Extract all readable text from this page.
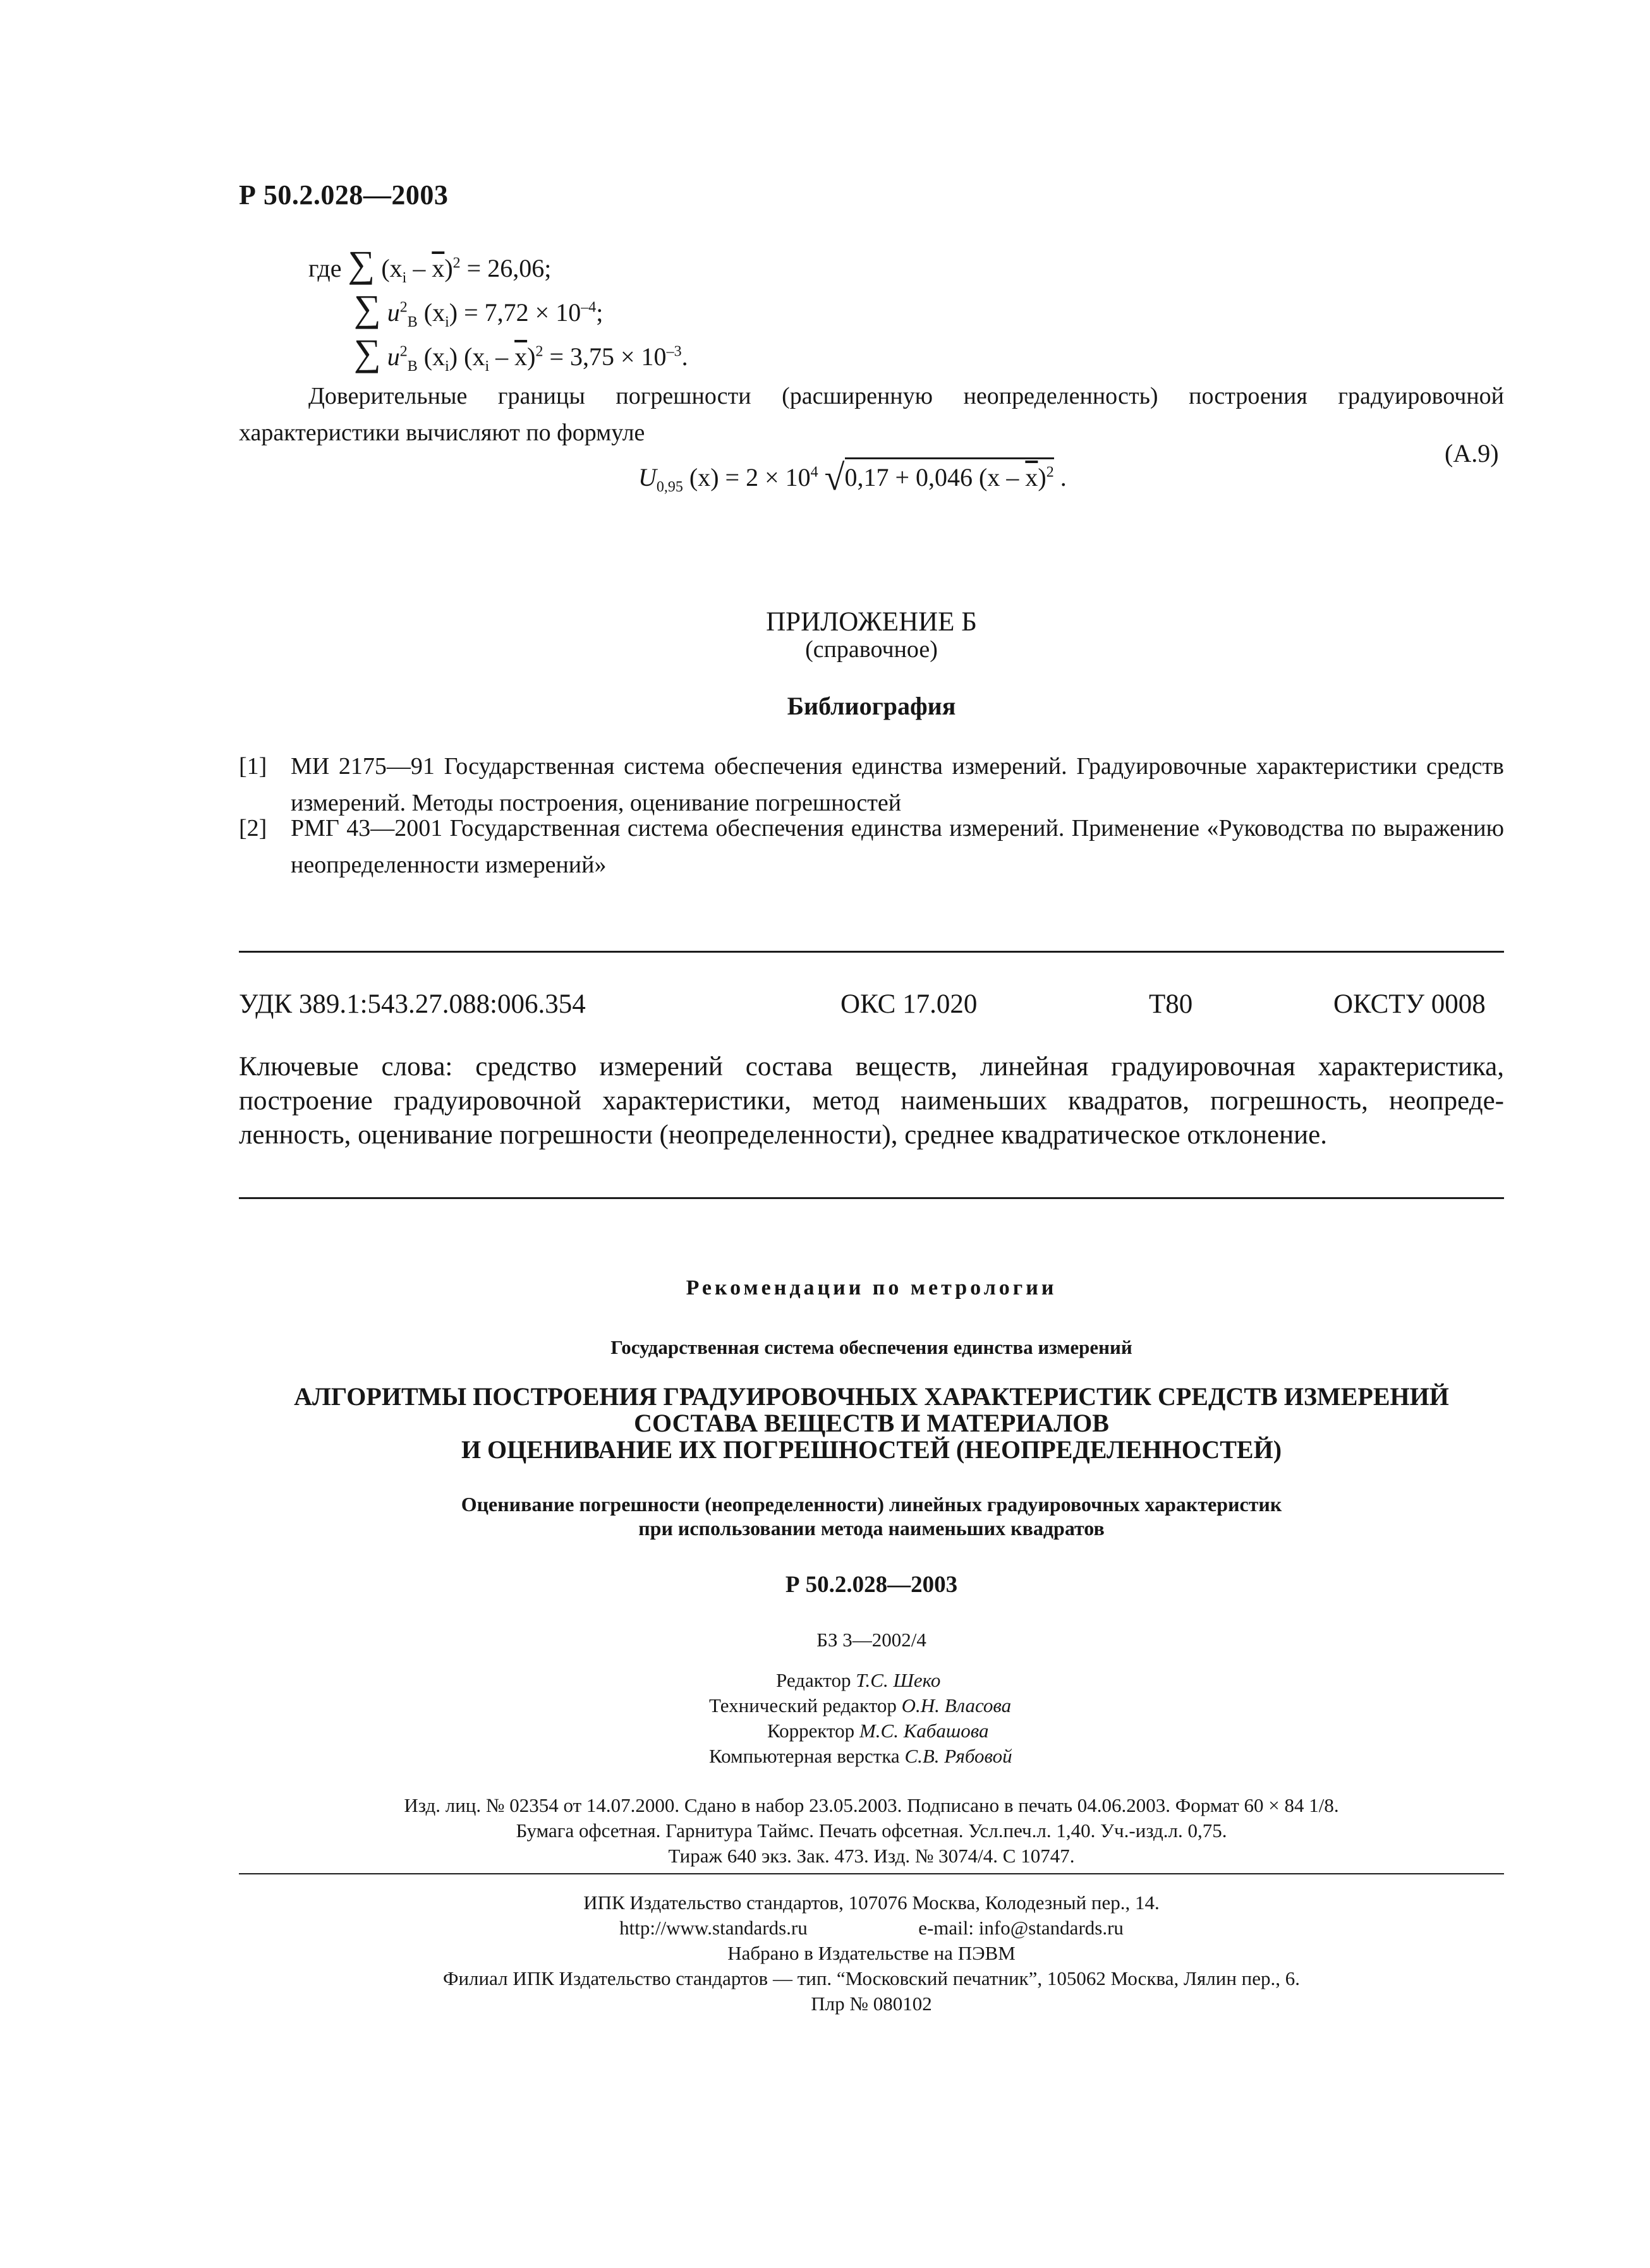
Р 50.2.028—2003
где ∑ $(x_i - \overline{x})^2 = 26,06$;
∑ $u^2_В$ $(x_i) = 7,72 \times 10^{-4}$;
∑ $u^2_В$ $(x_i)$ $(x_i - \overline{x})^2 = 3,75 \times 10^{-3}$.
Доверительные границы погрешности (расширенную неопределенность) построения градуировочной характеристики вычисляют по формуле
$U_{0,95}$ $(x) = 2 \times 10^4$ √0,17 + 0,046 $(x - \overline{x})^2$ .
(А.9)
ПРИЛОЖЕНИЕ Б
(справочное)
Библиография
[1] МИ 2175—91 Государственная система обеспечения единства измерений. Градуировочные характеристики средств измерений. Методы построения, оценивание погрешностей
[2] РМГ 43—2001 Государственная система обеспечения единства измерений. Применение «Руководства по выражению неопределенности измерений»
УДК 389.1:543.27.088:006.354	ОКС 17.020	Т80	ОКСТУ 0008
Ключевые слова: средство измерений состава веществ, линейная градуировочная характеристика, построение градуировочной характеристики, метод наименьших квадратов, погрешность, неопределенность, оценивание погрешности (неопределенности), среднее квадратическое отклонение.
Рекомендации по метрологии
Государственная система обеспечения единства измерений
АЛГОРИТМЫ ПОСТРОЕНИЯ ГРАДУИРОВОЧНЫХ ХАРАКТЕРИСТИК СРЕДСТВ ИЗМЕРЕНИЙ
СОСТАВА ВЕЩЕСТВ И МАТЕРИАЛОВ
И ОЦЕНИВАНИЕ ИХ ПОГРЕШНОСТЕЙ (НЕОПРЕДЕЛЕННОСТЕЙ)
Оценивание погрешности (неопределенности) линейных градуировочных характеристик
при использовании метода наименьших квадратов
Р 50.2.028—2003
БЗ 3—2002/4
Редактор Т.С. Шеко
Технический редактор О.Н. Власова
Корректор М.С. Кабашова
Компьютерная верстка С.В. Рябовой
Изд. лиц. № 02354 от 14.07.2000. Сдано в набор 23.05.2003. Подписано в печать 04.06.2003. Формат 60 × 84 1/8.
Бумага офсетная. Гарнитура Таймс. Печать офсетная. Усл.печ.л. 1,40. Уч.-изд.л. 0,75.
Тираж 640 экз. Зак. 473. Изд. № 3074/4. С 10747.
ИПК Издательство стандартов, 107076 Москва, Колодезный пер., 14.
http://www.standards.ru	e-mail: info@standards.ru
Набрано в Издательстве на ПЭВМ
Филиал ИПК Издательство стандартов — тип. “Московский печатник”, 105062 Москва, Лялин пер., 6.
Плр № 080102
